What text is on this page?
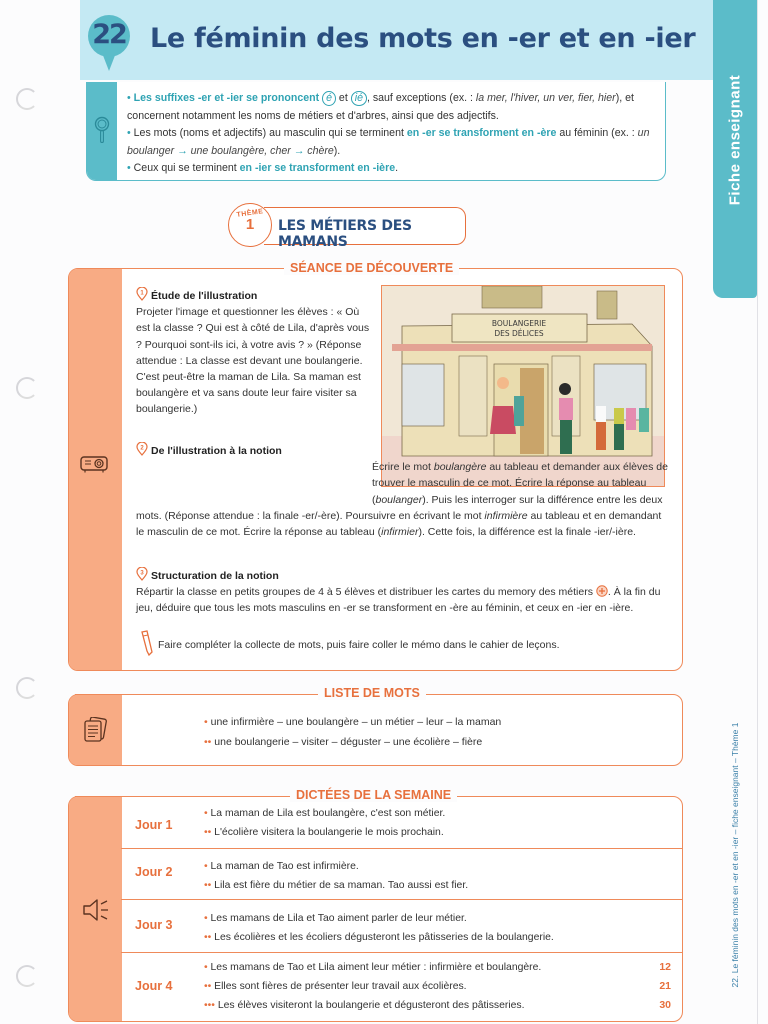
22 Le féminin des mots en -er et en -ier
Fiche enseignant
22. Le féminin des mots en -er et en -ier – fiche enseignant – Thème 1
• Les suffixes -er et -ier se prononcent é et ié , sauf exceptions (ex. : la mer, l'hiver, un ver, fier, hier), et concernent notamment les noms de métiers et d'arbres, ainsi que des adjectifs.
• Les mots (noms et adjectifs) au masculin qui se terminent en -er se transforment en -ère au féminin (ex. : un boulanger → une boulangère, cher → chère).
• Ceux qui se terminent en -ier se transforment en -ière.
THÈME
1	LES MÉTIERS DES MAMANS
SÉANCE DE DÉCOUVERTE
1 Étude de l'illustration
Projeter l'image et questionner les élèves : « Où est la classe ? Qui est à côté de Lila, d'après vous ? Pourquoi sont-ils ici, à votre avis ? » (Réponse attendue : La classe est devant une boulangerie. C'est peut-être la maman de Lila. Sa maman est boulangère et va sans doute leur faire visiter sa boulangerie.)
BOULANGERIE
DES DÉLICES
2 De l'illustration à la notion
Écrire le mot boulangère au tableau et demander aux élèves de trouver le masculin de ce mot. Écrire la réponse au tableau (boulanger). Puis les interroger sur la différence entre les deux mots. (Réponse attendue : la finale -er/-ère). Poursuivre en écrivant le mot infirmière au tableau et en demandant le masculin de ce mot. Écrire la réponse au tableau (infirmier). Cette fois, la différence est la finale -ier/-ière.
3 Structuration de la notion
Répartir la classe en petits groupes de 4 à 5 élèves et distribuer les cartes du memory des métiers . À la fin du jeu, déduire que tous les mots masculins en -er se transforment en -ère au féminin, et ceux en -ier en -ière.
Faire compléter la collecte de mots, puis faire coller le mémo dans le cahier de leçons.
LISTE DE MOTS
• une infirmière – une boulangère – un métier – leur – la maman
•• une boulangerie – visiter – déguster – une écolière – fière
DICTÉES DE LA SEMAINE
Jour 1
• La maman de Lila est boulangère, c'est son métier.
•• L'écolière visitera la boulangerie le mois prochain.
Jour 2	• La maman de Tao est infirmière.
•• Lila est fière du métier de sa maman. Tao aussi est fier.
Jour 3	• Les mamans de Lila et Tao aiment parler de leur métier.
•• Les écolières et les écoliers dégusteront les pâtisseries de la boulangerie.
Jour 4
• Les mamans de Tao et Lila aiment leur métier : infirmière et boulangère.	12
•• Elles sont fières de présenter leur travail aux écolières.	21
••• Les élèves visiteront la boulangerie et dégusteront des pâtisseries.	30
